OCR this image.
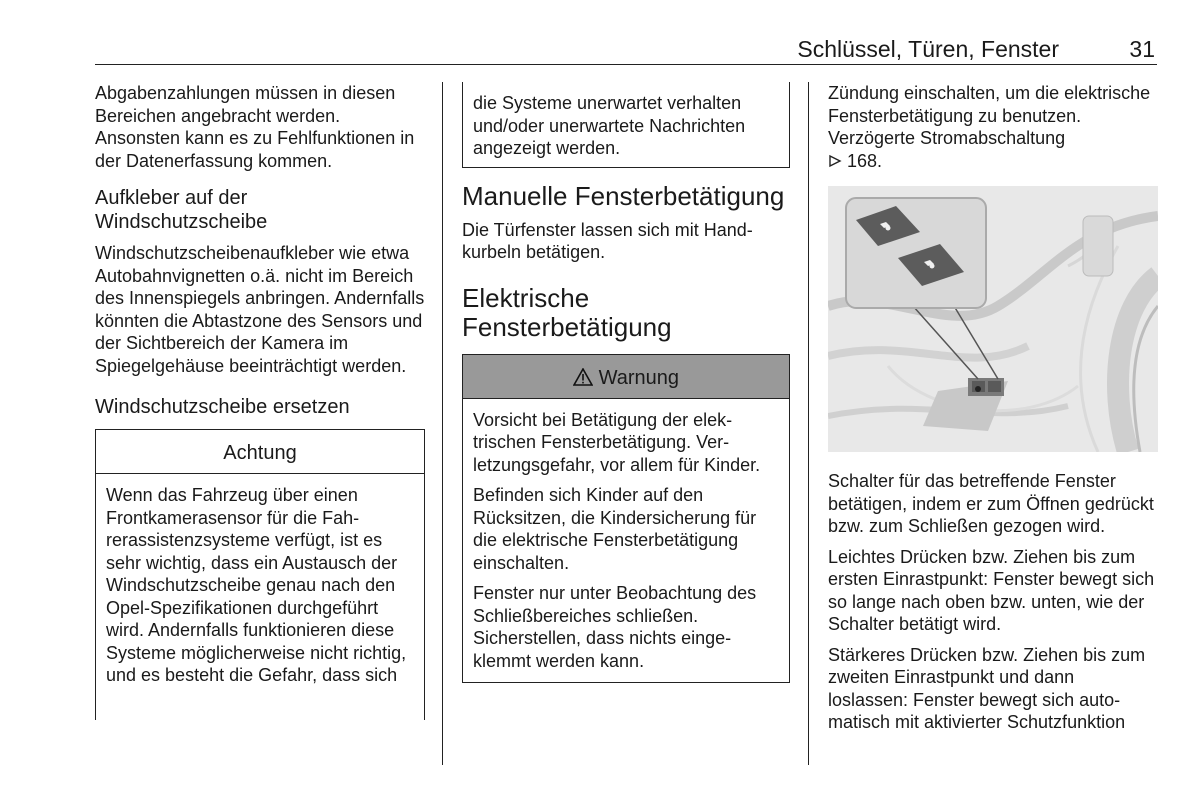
Schlüssel, Türen, Fenster	31

Abgabenzahlungen müssen in diesen Bereichen angebracht werden. Ansonsten kann es zu Fehlfunktionen in der Datenerfassung kommen.

Aufkleber auf der Windschutzscheibe

Windschutzscheibenaufkleber wie etwa Autobahnvignetten o.ä. nicht im Bereich des Innenspiegels anbringen. Andernfalls könnten die Abtastzone des Sensors und der Sichtbereich der Kamera im Spiegelgehäuse beeinträchtigt werden.

Windschutzscheibe ersetzen
Achtung

Wenn das Fahrzeug über einen Frontkamerasensor für die Fahrerassistenzsysteme verfügt, ist es sehr wichtig, dass ein Austausch der Windschutzscheibe genau nach den Opel-Spezifikationen durchgeführt wird. Andernfalls funktionieren diese Systeme möglicherweise nicht richtig, und es besteht die Gefahr, dass sich

die Systeme unerwartet verhalten und/oder unerwartete Nachrichten angezeigt werden.

Manuelle Fensterbetätigung

Die Türfenster lassen sich mit Handkurbeln betätigen.

Elektrische Fensterbetätigung
Warnung

Vorsicht bei Betätigung der elektrischen Fensterbetätigung. Verletzungsgefahr, vor allem für Kinder.

Befinden sich Kinder auf den Rücksitzen, die Kindersicherung für die elektrische Fensterbetätigung einschalten.

Fenster nur unter Beobachtung des Schließbereiches schließen. Sicherstellen, dass nichts eingeklemmt werden kann.

Zündung einschalten, um die elektrische Fensterbetätigung zu benutzen. Verzögerte Stromabschaltung
168.

Schalter für das betreffende Fenster betätigen, indem er zum Öffnen gedrückt bzw. zum Schließen gezogen wird.

Leichtes Drücken bzw. Ziehen bis zum ersten Einrastpunkt: Fenster bewegt sich so lange nach oben bzw. unten, wie der Schalter betätigt wird.

Stärkeres Drücken bzw. Ziehen bis zum zweiten Einrastpunkt und dann loslassen: Fenster bewegt sich automatisch mit aktivierter Schutzfunktion
